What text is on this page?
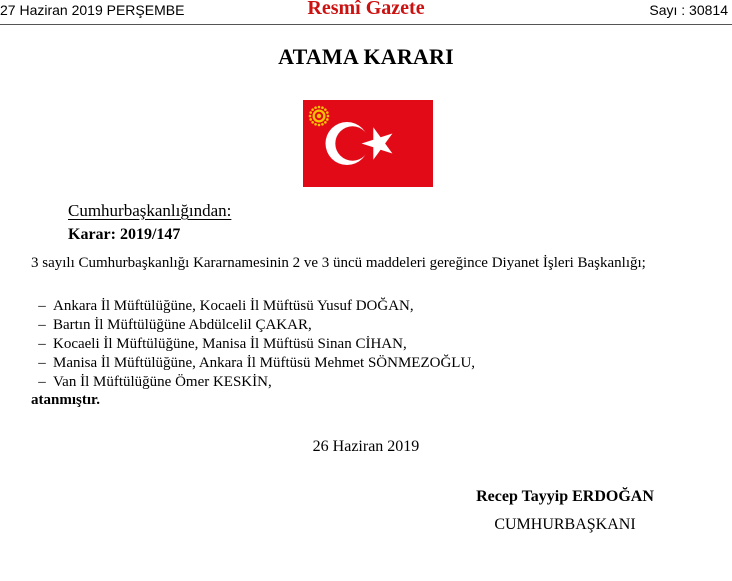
27 Haziran 2019 PERŞEMBE	Resmî Gazete	Sayı : 30814
ATAMA KARARI
Cumhurbaşkanlığından:
Karar: 2019/147
3 sayılı Cumhurbaşkanlığı Kararnamesinin 2 ve 3 üncü maddeleri gereğince Diyanet İşleri Başkanlığı;
– Ankara İl Müftülüğüne, Kocaeli İl Müftüsü Yusuf DOĞAN,
– Bartın İl Müftülüğüne Abdülcelil ÇAKAR,
– Kocaeli İl Müftülüğüne, Manisa İl Müftüsü Sinan CİHAN,
– Manisa İl Müftülüğüne, Ankara İl Müftüsü Mehmet SÖNMEZOĞLU,
– Van İl Müftülüğüne Ömer KESKİN,
atanmıştır.
26 Haziran 2019
Recep Tayyip ERDOĞAN
CUMHURBAŞKANI
